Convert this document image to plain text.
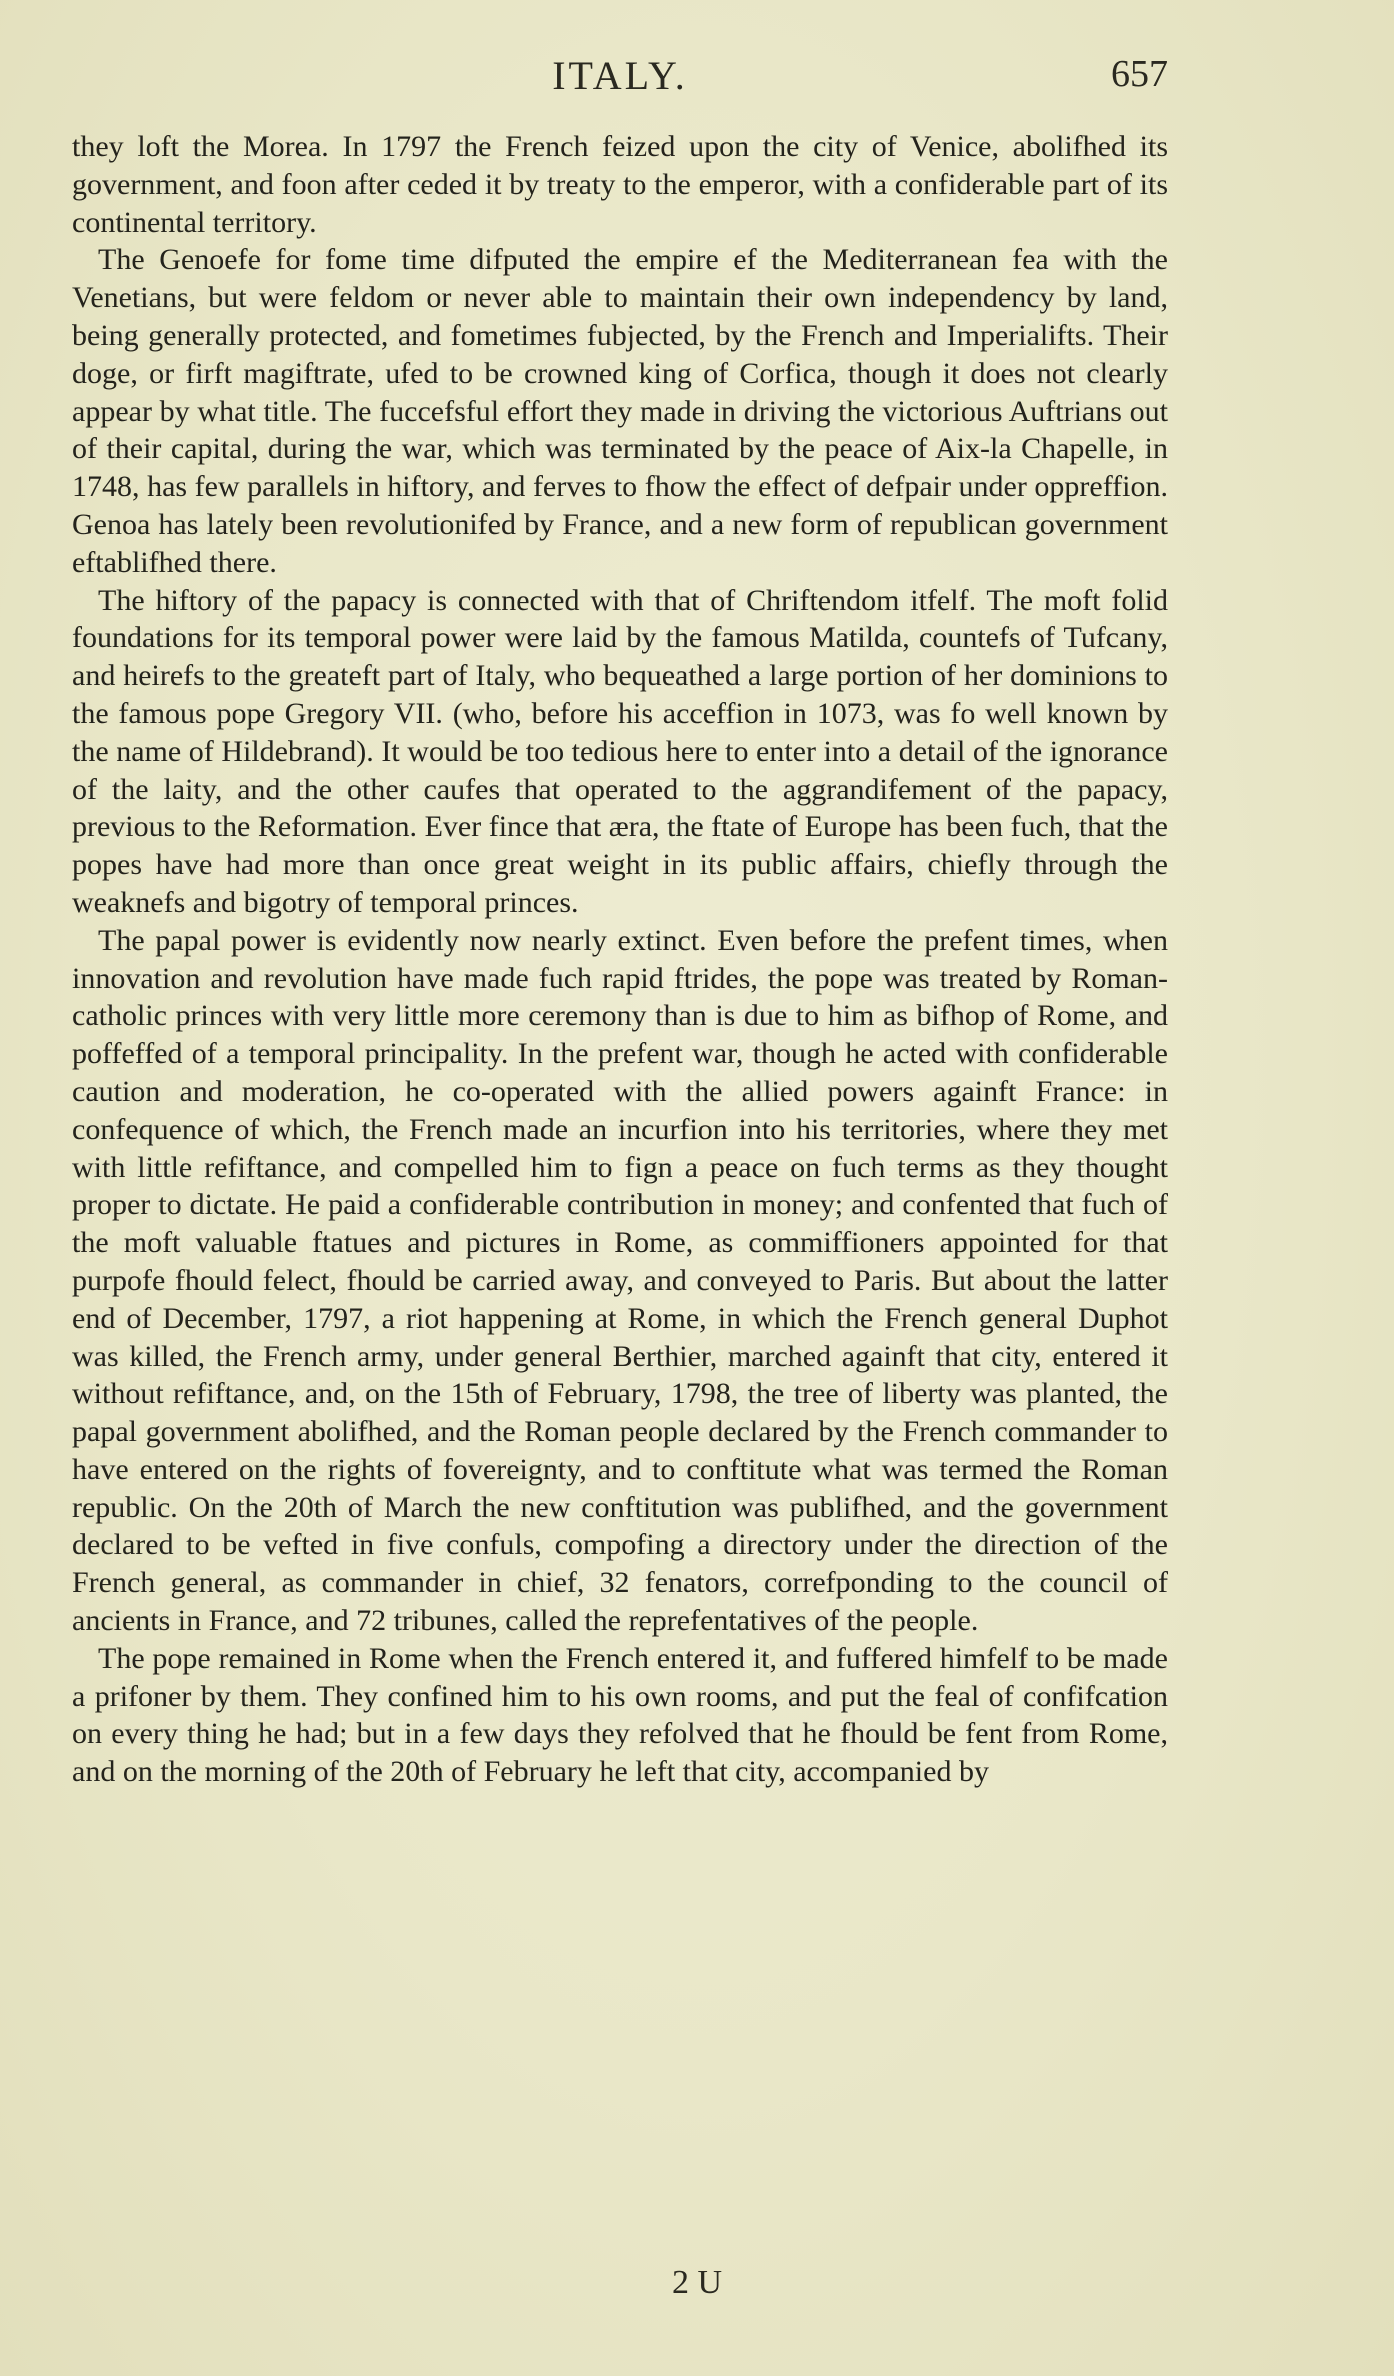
ITALY.	657

they loft the Morea. In 1797 the French feized upon the city of Venice, abolifhed its government, and foon after ceded it by treaty to the emperor, with a confiderable part of its continental territory.

The Genoefe for fome time difputed the empire ef the Mediterranean fea with the Venetians, but were feldom or never able to maintain their own independency by land, being generally protected, and fometimes fubjected, by the French and Imperialifts. Their doge, or firft magiftrate, ufed to be crowned king of Corfica, though it does not clearly appear by what title. The fuccefsful effort they made in driving the victorious Auftrians out of their capital, during the war, which was terminated by the peace of Aix-la Chapelle, in 1748, has few parallels in hiftory, and ferves to fhow the effect of defpair under oppreffion. Genoa has lately been revolutionifed by France, and a new form of republican government eftablifhed there.

The hiftory of the papacy is connected with that of Chriftendom itfelf. The moft folid foundations for its temporal power were laid by the famous Matilda, countefs of Tufcany, and heirefs to the greateft part of Italy, who bequeathed a large portion of her dominions to the famous pope Gregory VII. (who, before his acceffion in 1073, was fo well known by the name of Hildebrand). It would be too tedious here to enter into a detail of the ignorance of the laity, and the other caufes that operated to the aggrandifement of the papacy, previous to the Reformation. Ever fince that æra, the ftate of Europe has been fuch, that the popes have had more than once great weight in its public affairs, chiefly through the weaknefs and bigotry of temporal princes.

The papal power is evidently now nearly extinct. Even before the prefent times, when innovation and revolution have made fuch rapid ftrides, the pope was treated by Roman-catholic princes with very little more ceremony than is due to him as bifhop of Rome, and poffeffed of a temporal principality. In the prefent war, though he acted with confiderable caution and moderation, he co-operated with the allied powers againft France: in confequence of which, the French made an incurfion into his territories, where they met with little refiftance, and compelled him to fign a peace on fuch terms as they thought proper to dictate. He paid a confiderable contribution in money; and confented that fuch of the moft valuable ftatues and pictures in Rome, as commiffioners appointed for that purpofe fhould felect, fhould be carried away, and conveyed to Paris. But about the latter end of December, 1797, a riot happening at Rome, in which the French general Duphot was killed, the French army, under general Berthier, marched againft that city, entered it without refiftance, and, on the 15th of February, 1798, the tree of liberty was planted, the papal government abolifhed, and the Roman people declared by the French commander to have entered on the rights of fovereignty, and to conftitute what was termed the Roman republic. On the 20th of March the new conftitution was publifhed, and the government declared to be vefted in five confuls, compofing a directory under the direction of the French general, as commander in chief, 32 fenators, correfponding to the council of ancients in France, and 72 tribunes, called the reprefentatives of the people.

The pope remained in Rome when the French entered it, and fuffered himfelf to be made a prifoner by them. They confined him to his own rooms, and put the feal of confifcation on every thing he had; but in a few days they refolved that he fhould be fent from Rome, and on the morning of the 20th of February he left that city, accompanied by

2 U
